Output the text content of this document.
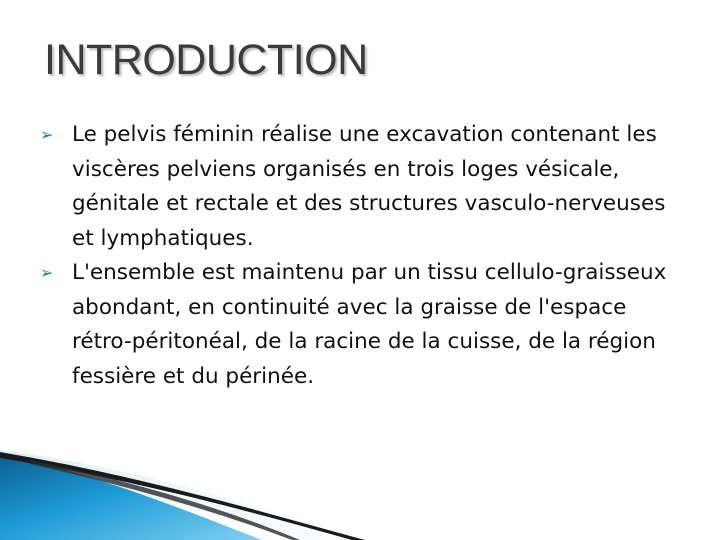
INTRODUCTION
➢ Le pelvis féminin réalise une excavation contenant les viscères pelviens organisés en trois loges vésicale, génitale et rectale et des structures vasculo-nerveuses et lymphatiques.
➢ L'ensemble est maintenu par un tissu cellulo-graisseux abondant, en continuité avec la graisse de l'espace rétro-péritonéal, de la racine de la cuisse, de la région fessière et du périnée.
